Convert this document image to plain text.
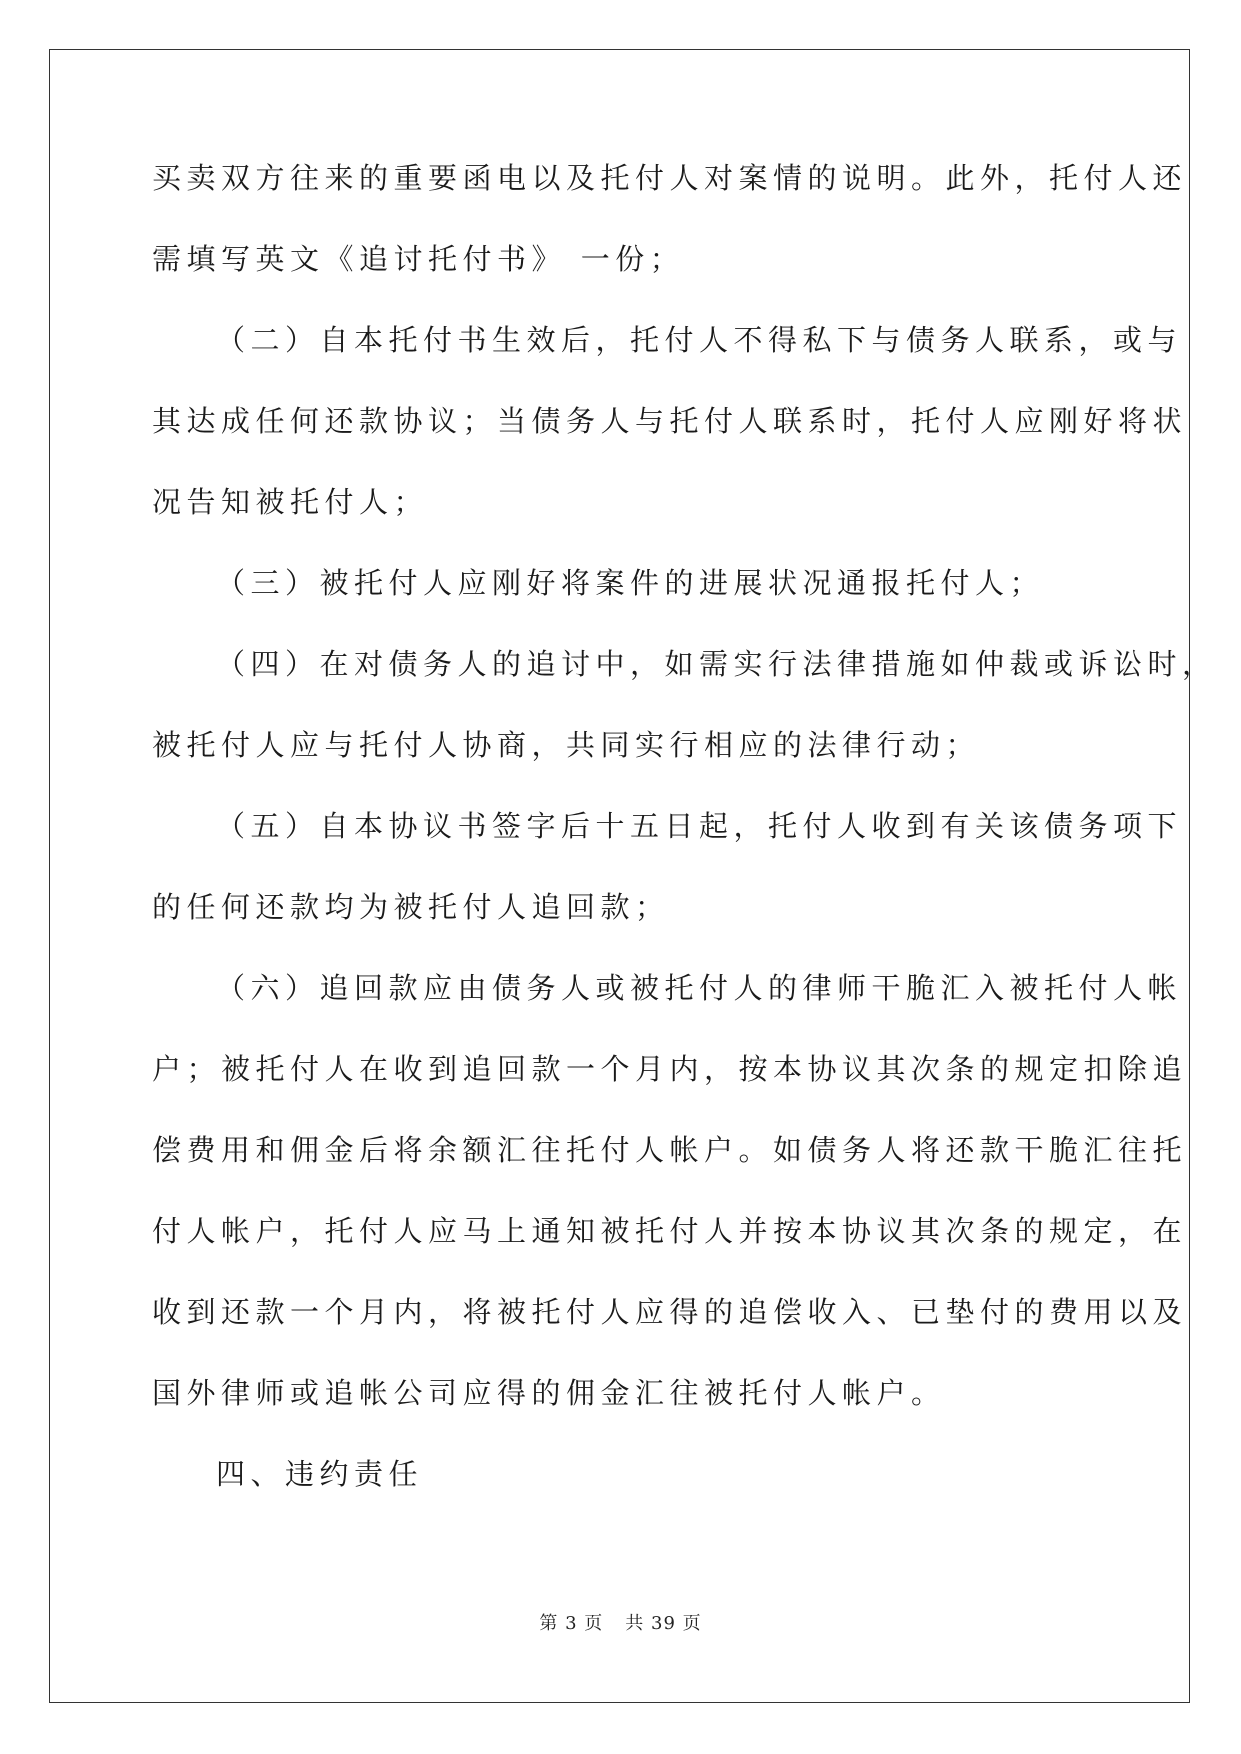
买卖双方往来的重要函电以及托付人对案情的说明。此外，托付人还

需填写英文《追讨托付书》 一份；

（二）自本托付书生效后，托付人不得私下与债务人联系，或与

其达成任何还款协议；当债务人与托付人联系时，托付人应刚好将状

况告知被托付人；

（三）被托付人应刚好将案件的进展状况通报托付人；

（四）在对债务人的追讨中，如需实行法律措施如仲裁或诉讼时，

被托付人应与托付人协商，共同实行相应的法律行动；

（五）自本协议书签字后十五日起，托付人收到有关该债务项下

的任何还款均为被托付人追回款；

（六）追回款应由债务人或被托付人的律师干脆汇入被托付人帐

户；被托付人在收到追回款一个月内，按本协议其次条的规定扣除追

偿费用和佣金后将余额汇往托付人帐户。如债务人将还款干脆汇往托

付人帐户，托付人应马上通知被托付人并按本协议其次条的规定，在

收到还款一个月内，将被托付人应得的追偿收入、已垫付的费用以及

国外律师或追帐公司应得的佣金汇往被托付人帐户。

四、违约责任

第 3 页 共 39 页
